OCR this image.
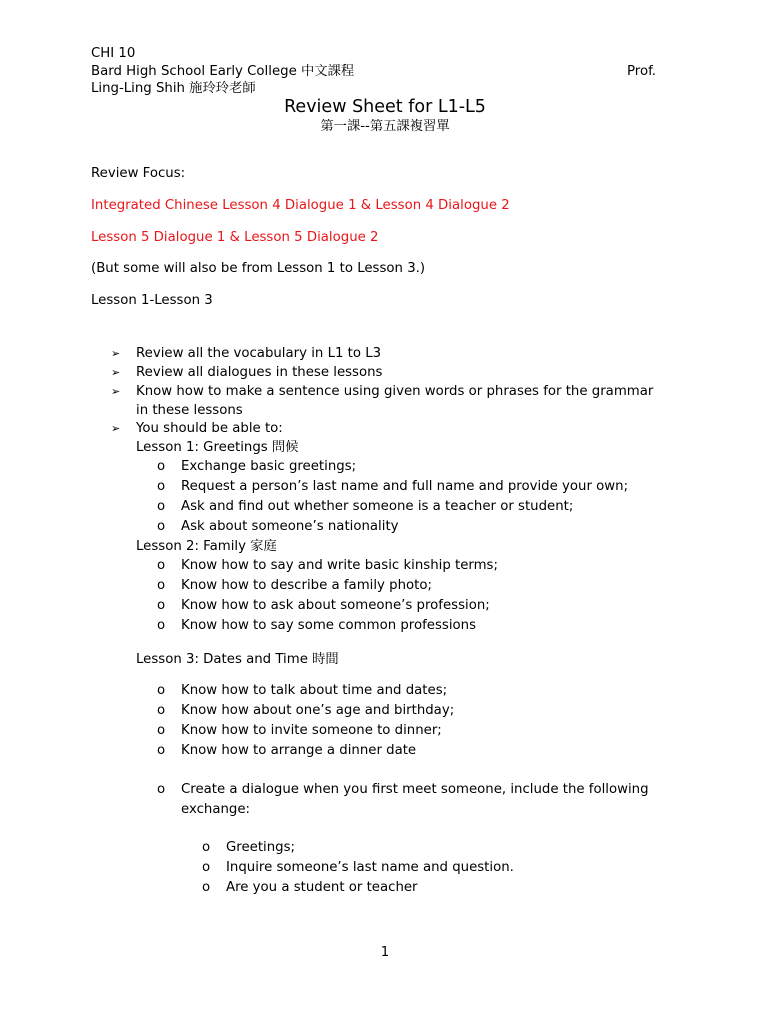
CHI 10
Bard High School Early College 中文課程	Prof.
Ling-Ling Shih 施玲玲老師
Review Sheet for L1-L5
第一課--第五課複習單
Review Focus:
Integrated Chinese Lesson 4 Dialogue 1 & Lesson 4 Dialogue 2
Lesson 5 Dialogue 1 & Lesson 5 Dialogue 2
(But some will also be from Lesson 1 to Lesson 3.)
Lesson 1-Lesson 3
➢	Review all the vocabulary in L1 to L3
➢	Review all dialogues in these lessons
➢	Know how to make a sentence using given words or phrases for the grammar
in these lessons
➢	You should be able to:
Lesson 1: Greetings 問候
o Exchange basic greetings;
o Request a person’s last name and full name and provide your own;
o Ask and find out whether someone is a teacher or student;
o Ask about someone’s nationality
Lesson 2: Family 家庭
o Know how to say and write basic kinship terms;
o Know how to describe a family photo;
o Know how to ask about someone’s profession;
o Know how to say some common professions
Lesson 3: Dates and Time 時間
o Know how to talk about time and dates;
o Know how about one’s age and birthday;
o Know how to invite someone to dinner;
o Know how to arrange a dinner date
o Create a dialogue when you first meet someone, include the following
exchange:
o Greetings;
o Inquire someone’s last name and question.
o Are you a student or teacher
1
